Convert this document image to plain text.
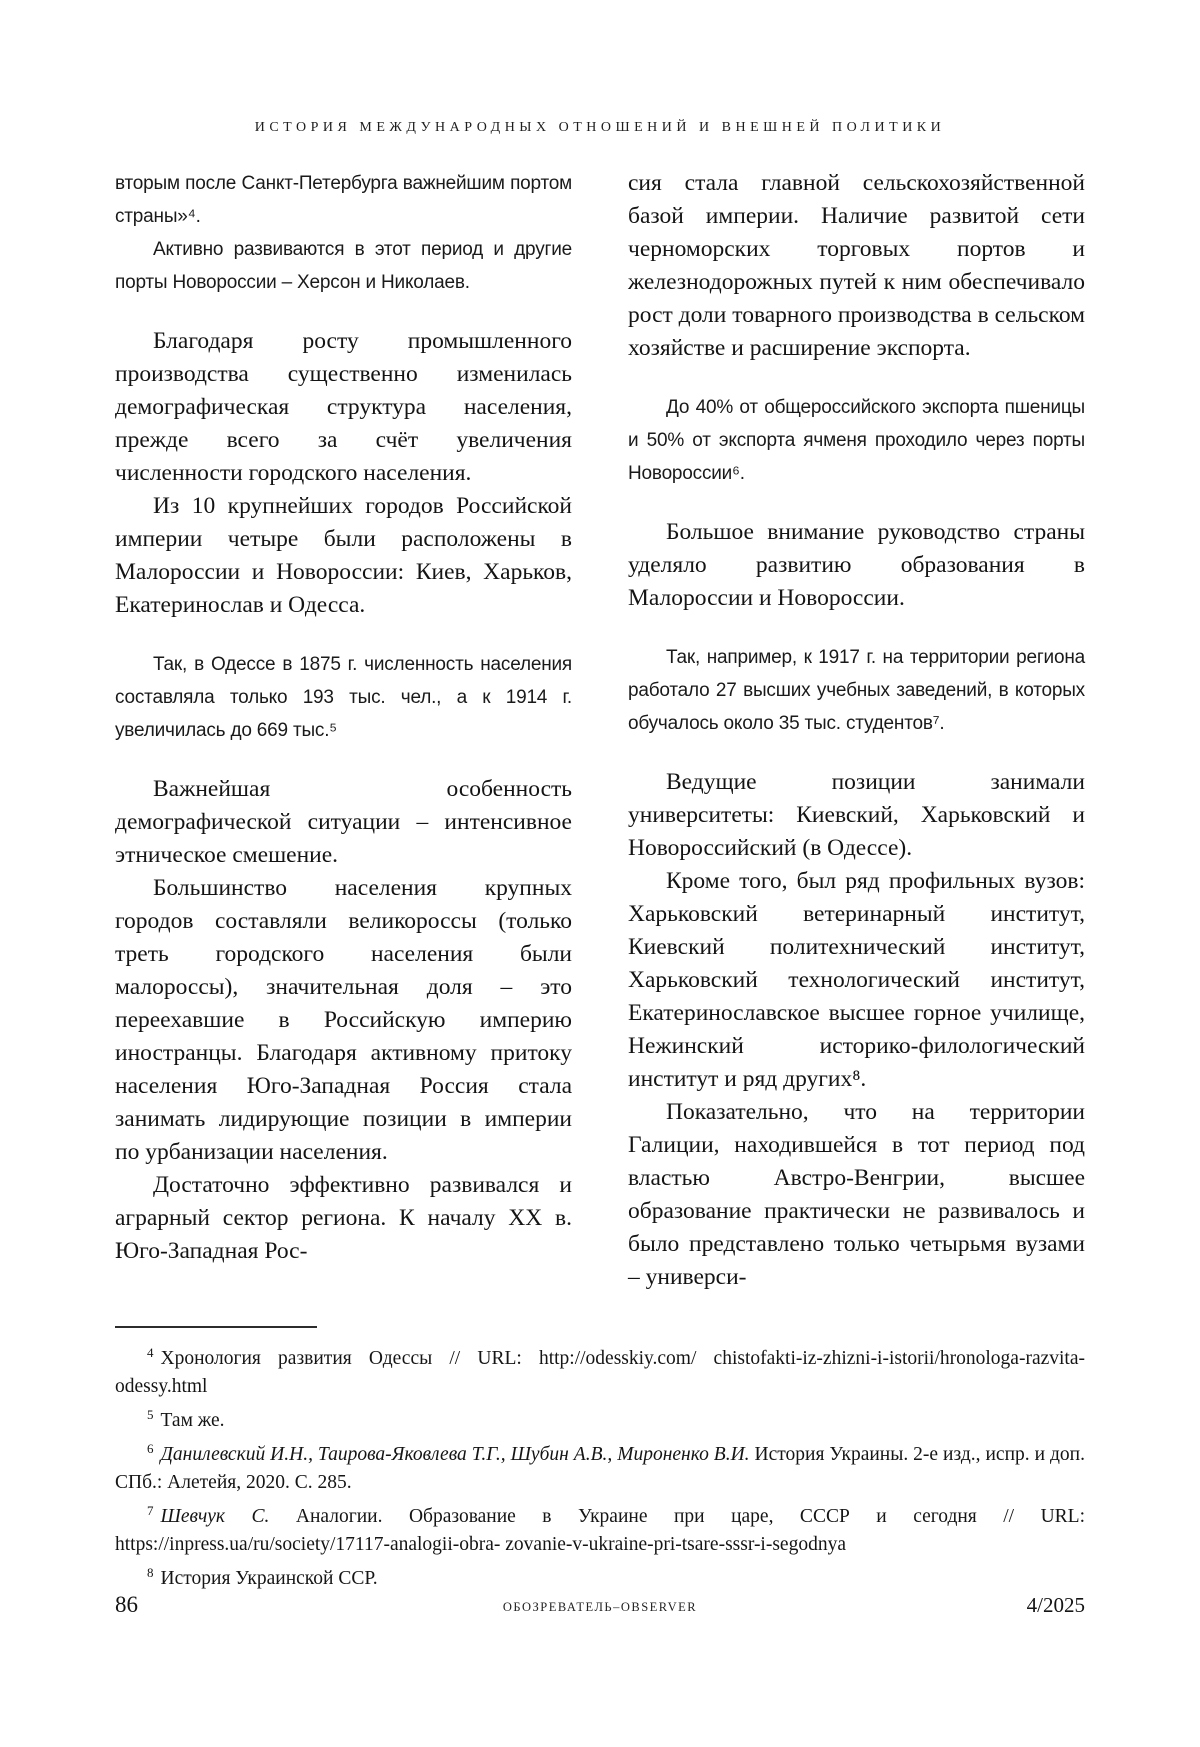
ИСТОРИЯ МЕЖДУНАРОДНЫХ ОТНОШЕНИЙ И ВНЕШНЕЙ ПОЛИТИКИ

вторым после Санкт-Петербурга важнейшим портом страны»⁴.

Активно развиваются в этот период и другие порты Новороссии – Херсон и Николаев.

Благодаря росту промышленного производства существенно изменилась демографическая структура населения, прежде всего за счёт увеличения численности городского населения.

Из 10 крупнейших городов Российской империи четыре были расположены в Малороссии и Новороссии: Киев, Харьков, Екатеринослав и Одесса.

Так, в Одессе в 1875 г. численность населения составляла только 193 тыс. чел., а к 1914 г. увеличилась до 669 тыс.⁵

Важнейшая особенность демографической ситуации – интенсивное этническое смешение.

Большинство населения крупных городов составляли великороссы (только треть городского населения были малороссы), значительная доля – это переехавшие в Российскую империю иностранцы. Благодаря активному притоку населения Юго-Западная Россия стала занимать лидирующие позиции в империи по урбанизации населения.

Достаточно эффективно развивался и аграрный сектор региона. К началу XX в. Юго-Западная Рос-

сия стала главной сельскохозяйственной базой империи. Наличие развитой сети черноморских торговых портов и железнодорожных путей к ним обеспечивало рост доли товарного производства в сельском хозяйстве и расширение экспорта.

До 40% от общероссийского экспорта пшеницы и 50% от экспорта ячменя проходило через порты Новороссии⁶.

Большое внимание руководство страны уделяло развитию образования в Малороссии и Новороссии.

Так, например, к 1917 г. на территории региона работало 27 высших учебных заведений, в которых обучалось около 35 тыс. студентов⁷.

Ведущие позиции занимали университеты: Киевский, Харьковский и Новороссийский (в Одессе).

Кроме того, был ряд профильных вузов: Харьковский ветеринарный институт, Киевский политехнический институт, Харьковский технологический институт, Екатеринославское высшее горное училище, Нежинский историко-филологический институт и ряд других⁸.

Показательно, что на территории Галиции, находившейся в тот период под властью Австро-Венгрии, высшее образование практически не развивалось и было представлено только четырьмя вузами – универси-

$^4$ Хронология развития Одессы // URL: http://odesskiy.com/ chistofakti-iz-zhizni-i-istorii/hronologa-razvita-odessy.html
$^5$ Там же.
$^6$ Данилевский И.Н., Таирова-Яковлева Т.Г., Шубин А.В., Мироненко В.И. История Украины. 2-е изд., испр. и доп. СПб.: Алетейя, 2020. С. 285.
$^7$ Шевчук С. Аналогии. Образование в Украине при царе, СССР и сегодня // URL: https://inpress.ua/ru/society/17117-analogii-obra- zovanie-v-ukraine-pri-tsare-sssr-i-segodnya
$^8$ История Украинской ССР.
86	ОБОЗРЕВАТЕЛЬ–OBSERVER	4/2025
